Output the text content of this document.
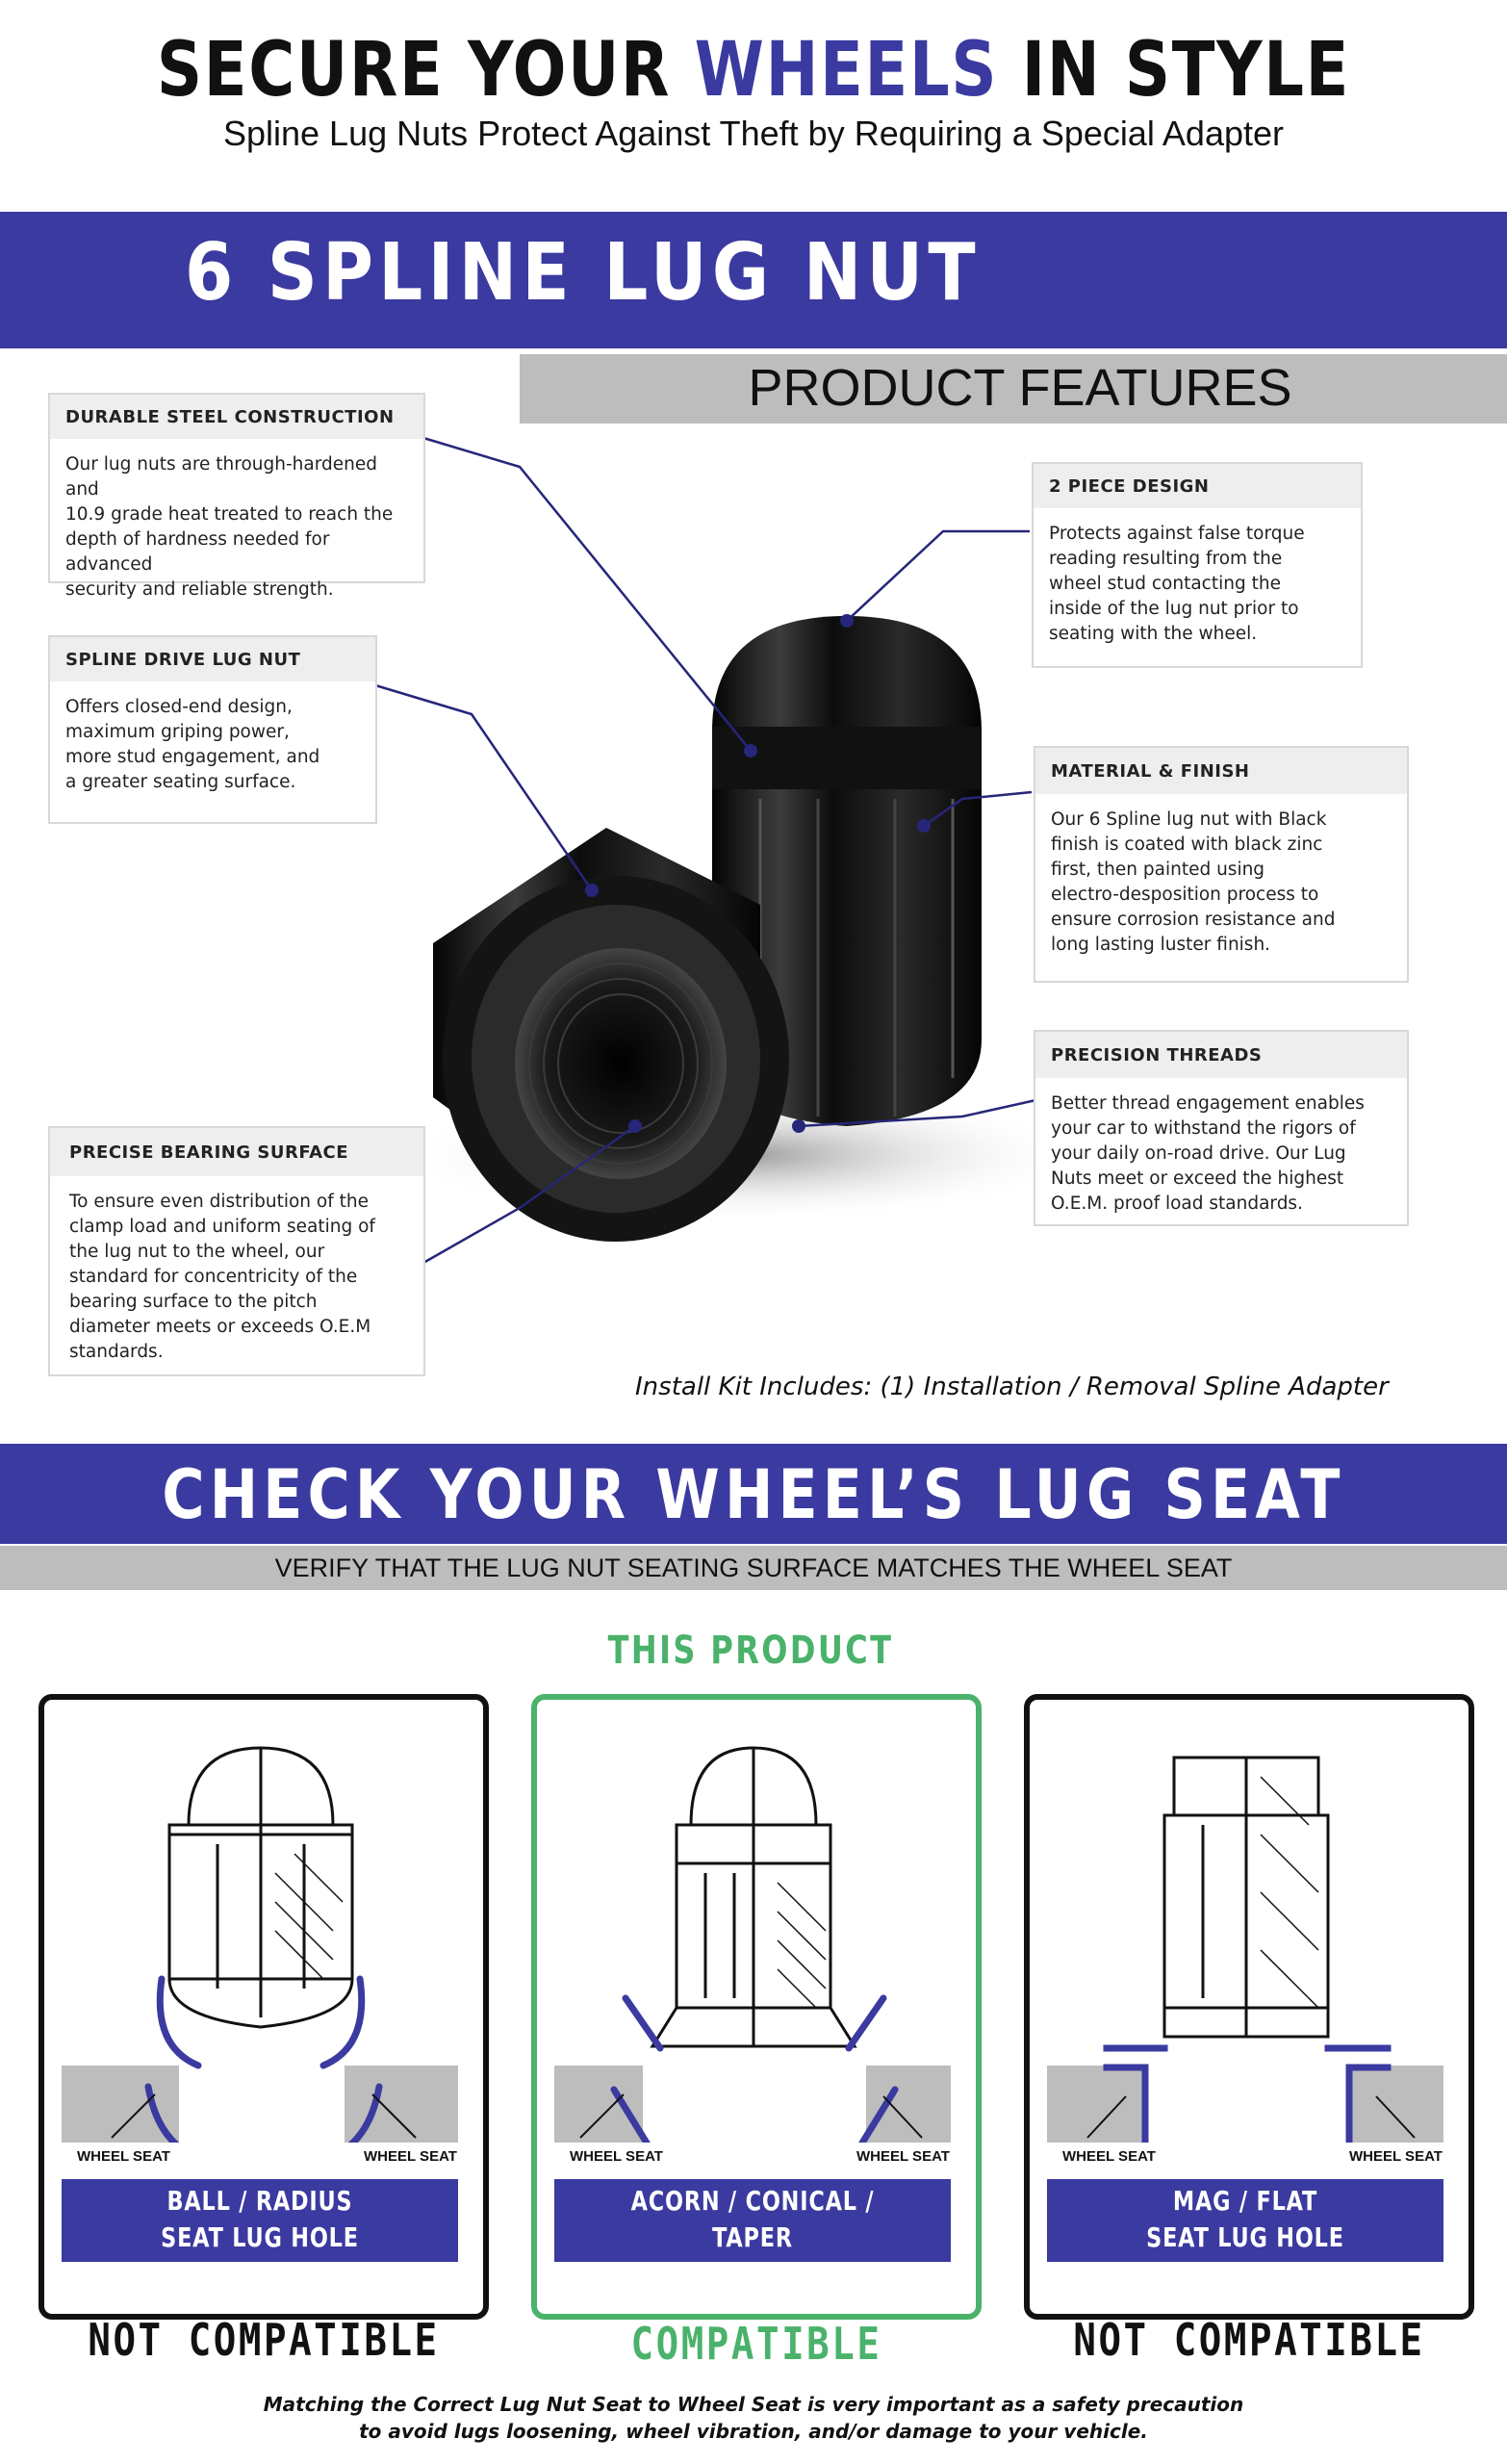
SECURE YOUR WHEELS IN STYLE
Spline Lug Nuts Protect Against Theft by Requiring a Special Adapter
6 SPLINE LUG NUT
PRODUCT FEATURES
DURABLE STEEL CONSTRUCTION
Our lug nuts are through-hardened and
10.9 grade heat treated to reach the
depth of hardness needed for advanced
security and reliable strength.
SPLINE DRIVE LUG NUT
Offers closed-end design,
maximum griping power,
more stud engagement, and
a greater seating surface.
PRECISE BEARING SURFACE
To ensure even distribution of the
clamp load and uniform seating of
the lug nut to the wheel, our
standard for concentricity of the
bearing surface to the pitch
diameter meets or exceeds O.E.M
standards.
2 PIECE DESIGN
Protects against false torque
reading resulting from the
wheel stud contacting the
inside of the lug nut prior to
seating with the wheel.
MATERIAL & FINISH
Our 6 Spline lug nut with Black
finish is coated with black zinc
first, then painted using
electro-desposition process to
ensure corrosion resistance and
long lasting luster finish.
PRECISION THREADS
Better thread engagement enables
your car to withstand the rigors of
your daily on-road drive. Our Lug
Nuts meet or exceed the highest
O.E.M. proof load standards.
Install Kit Includes: (1) Installation / Removal Spline Adapter
CHECK YOUR WHEEL’S LUG SEAT
VERIFY THAT THE LUG NUT SEATING SURFACE MATCHES THE WHEEL SEAT
THIS PRODUCT
WHEEL SEAT	WHEEL SEAT
BALL / RADIUS
SEAT LUG HOLE
WHEEL SEAT	WHEEL SEAT
ACORN / CONICAL / TAPER
SEAT LUG HOLE
WHEEL SEAT	WHEEL SEAT
MAG / FLAT
SEAT LUG HOLE
NOT COMPATIBLE	COMPATIBLE	NOT COMPATIBLE
Matching the Correct Lug Nut Seat to Wheel Seat is very important as a safety precaution
to avoid lugs loosening, wheel vibration, and/or damage to your vehicle.
